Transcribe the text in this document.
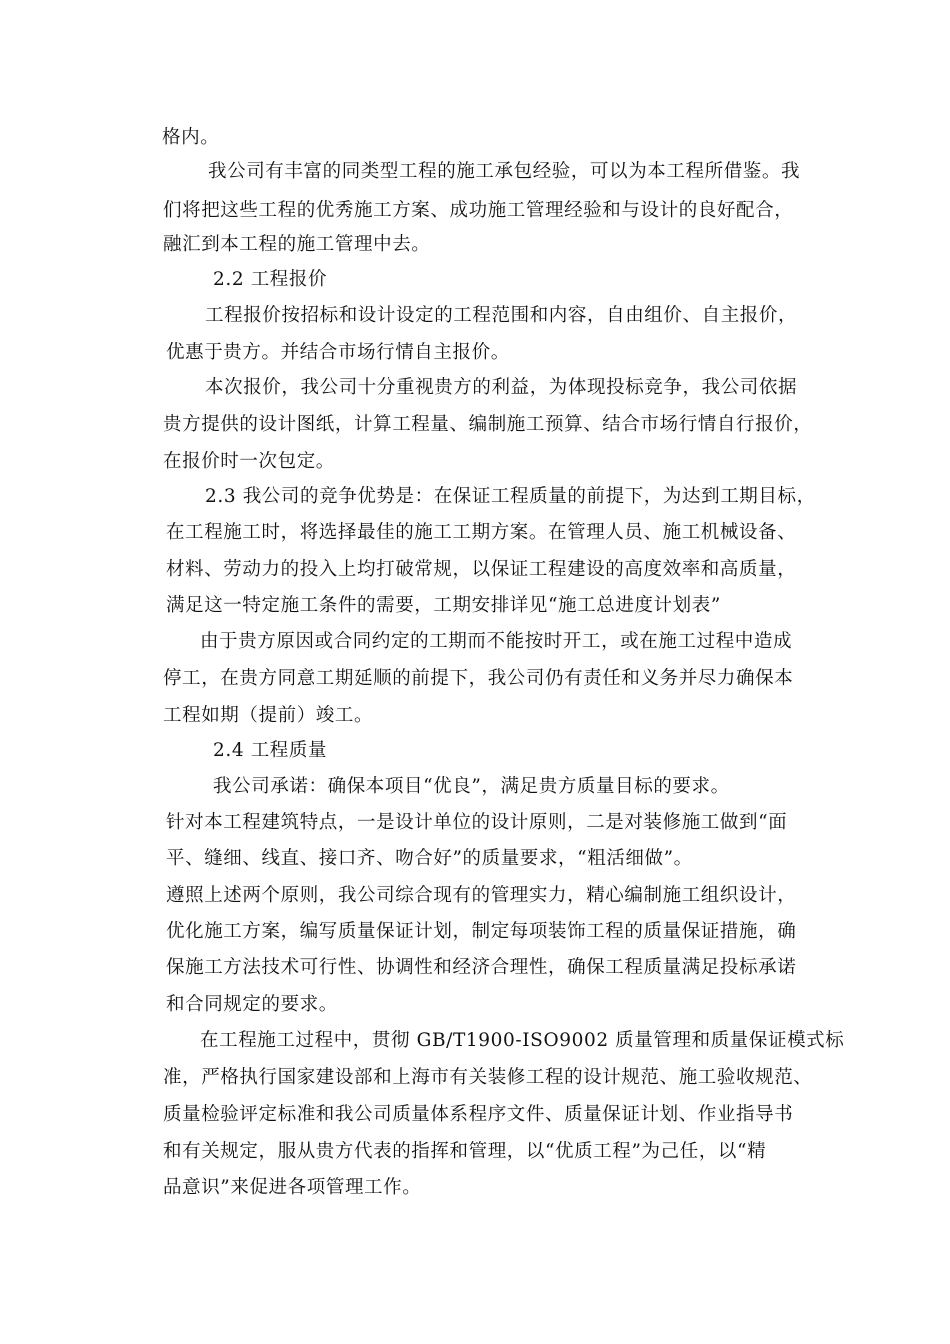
格内。
我公司有丰富的同类型工程的施工承包经验，可以为本工程所借鉴。我
们将把这些工程的优秀施工方案、成功施工管理经验和与设计的良好配合，
融汇到本工程的施工管理中去。
2.2 工程报价
工程报价按招标和设计设定的工程范围和内容，自由组价、自主报价，
优惠于贵方。并结合市场行情自主报价。
本次报价，我公司十分重视贵方的利益，为体现投标竞争，我公司依据
贵方提供的设计图纸，计算工程量、编制施工预算、结合市场行情自行报价，
在报价时一次包定。
2.3 我公司的竞争优势是：在保证工程质量的前提下，为达到工期目标，
在工程施工时，将选择最佳的施工工期方案。在管理人员、施工机械设备、
材料、劳动力的投入上均打破常规，以保证工程建设的高度效率和高质量，
满足这一特定施工条件的需要，工期安排详见“施工总进度计划表”
由于贵方原因或合同约定的工期而不能按时开工，或在施工过程中造成
停工，在贵方同意工期延顺的前提下，我公司仍有责任和义务并尽力确保本
工程如期（提前）竣工。
2.4 工程质量
我公司承诺：确保本项目“优良”，满足贵方质量目标的要求。
针对本工程建筑特点，一是设计单位的设计原则，二是对装修施工做到“面
平、缝细、线直、接口齐、吻合好”的质量要求，“粗活细做”。
遵照上述两个原则，我公司综合现有的管理实力，精心编制施工组织设计，
优化施工方案，编写质量保证计划，制定每项装饰工程的质量保证措施，确
保施工方法技术可行性、协调性和经济合理性，确保工程质量满足投标承诺
和合同规定的要求。
在工程施工过程中，贯彻 GB/T1900-ISO9002 质量管理和质量保证模式标
准，严格执行国家建设部和上海市有关装修工程的设计规范、施工验收规范、
质量检验评定标准和我公司质量体系程序文件、质量保证计划、作业指导书
和有关规定，服从贵方代表的指挥和管理，以“优质工程”为己任，以“精
品意识”来促进各项管理工作。
